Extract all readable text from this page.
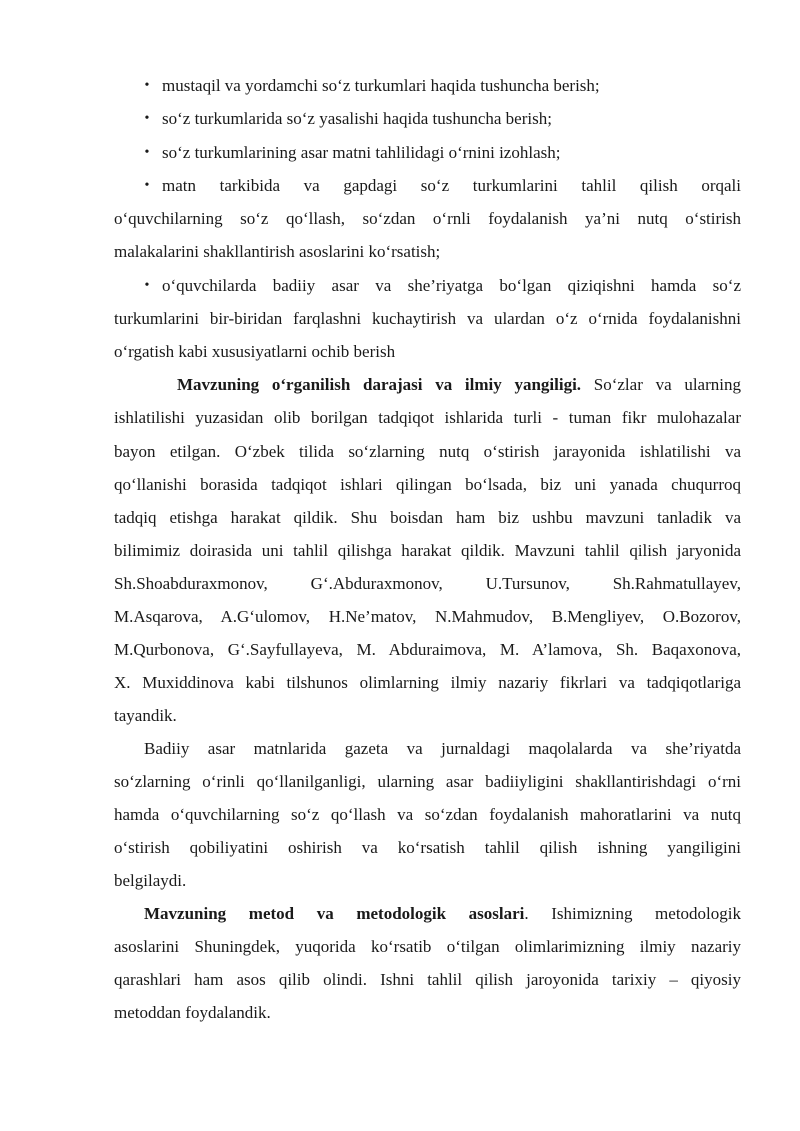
• mustaqil va yordamchi so‘z turkumlari haqida tushuncha berish;
• so‘z turkumlarida so‘z yasalishi haqida tushuncha berish;
• so‘z turkumlarining asar matni tahlilidagi o‘rnini izohlash;
• matn tarkibida va gapdagi so‘z turkumlarini tahlil qilish orqali
o‘quvchilarning so‘z qo‘llash, so‘zdan o‘rnli foydalanish ya’ni nutq o‘stirish
malakalarini shakllantirish asoslarini ko‘rsatish;
• o‘quvchilarda badiiy asar va she’riyatga bo‘lgan qiziqishni hamda so‘z
turkumlarini bir-biridan farqlashni kuchaytirish va ulardan o‘z o‘rnida foydalanishni
o‘rgatish kabi xususiyatlarni ochib berish
Mavzuning o‘rganilish darajasi va ilmiy yangiligi. So‘zlar va ularning
ishlatilishi yuzasidan olib borilgan tadqiqot ishlarida turli - tuman fikr mulohazalar
bayon etilgan. O‘zbek tilida so‘zlarning nutq o‘stirish jarayonida ishlatilishi va
qo‘llanishi borasida tadqiqot ishlari qilingan bo‘lsada, biz uni yanada chuqurroq
tadqiq etishga harakat qildik. Shu boisdan ham biz ushbu mavzuni tanladik va
bilimimiz doirasida uni tahlil qilishga harakat qildik. Mavzuni tahlil qilish jaryonida
Sh.Shoabduraxmonov, G‘.Abduraxmonov, U.Tursunov, Sh.Rahmatullayev,
M.Asqarova, A.G‘ulomov, H.Ne’matov, N.Mahmudov, B.Mengliyev, O.Bozorov,
M.Qurbonova, G‘.Sayfullayeva, M. Abduraimova, M. A’lamova, Sh. Baqaxonova,
X. Muxiddinova kabi tilshunos olimlarning ilmiy nazariy fikrlari va tadqiqotlariga
tayandik.
Badiiy asar matnlarida gazeta va jurnaldagi maqolalarda va she’riyatda
so‘zlarning o‘rinli qo‘llanilganligi, ularning asar badiiyligini shakllantirishdagi o‘rni
hamda o‘quvchilarning so‘z qo‘llash va so‘zdan foydalanish mahoratlarini va nutq
o‘stirish qobiliyatini oshirish va ko‘rsatish tahlil qilish ishning yangiligini
belgilaydi.
Mavzuning metod va metodologik asoslari. Ishimizning metodologik
asoslarini Shuningdek, yuqorida ko‘rsatib o‘tilgan olimlarimizning ilmiy nazariy
qarashlari ham asos qilib olindi. Ishni tahlil qilish jaroyonida tarixiy – qiyosiy
metoddan foydalandik.
